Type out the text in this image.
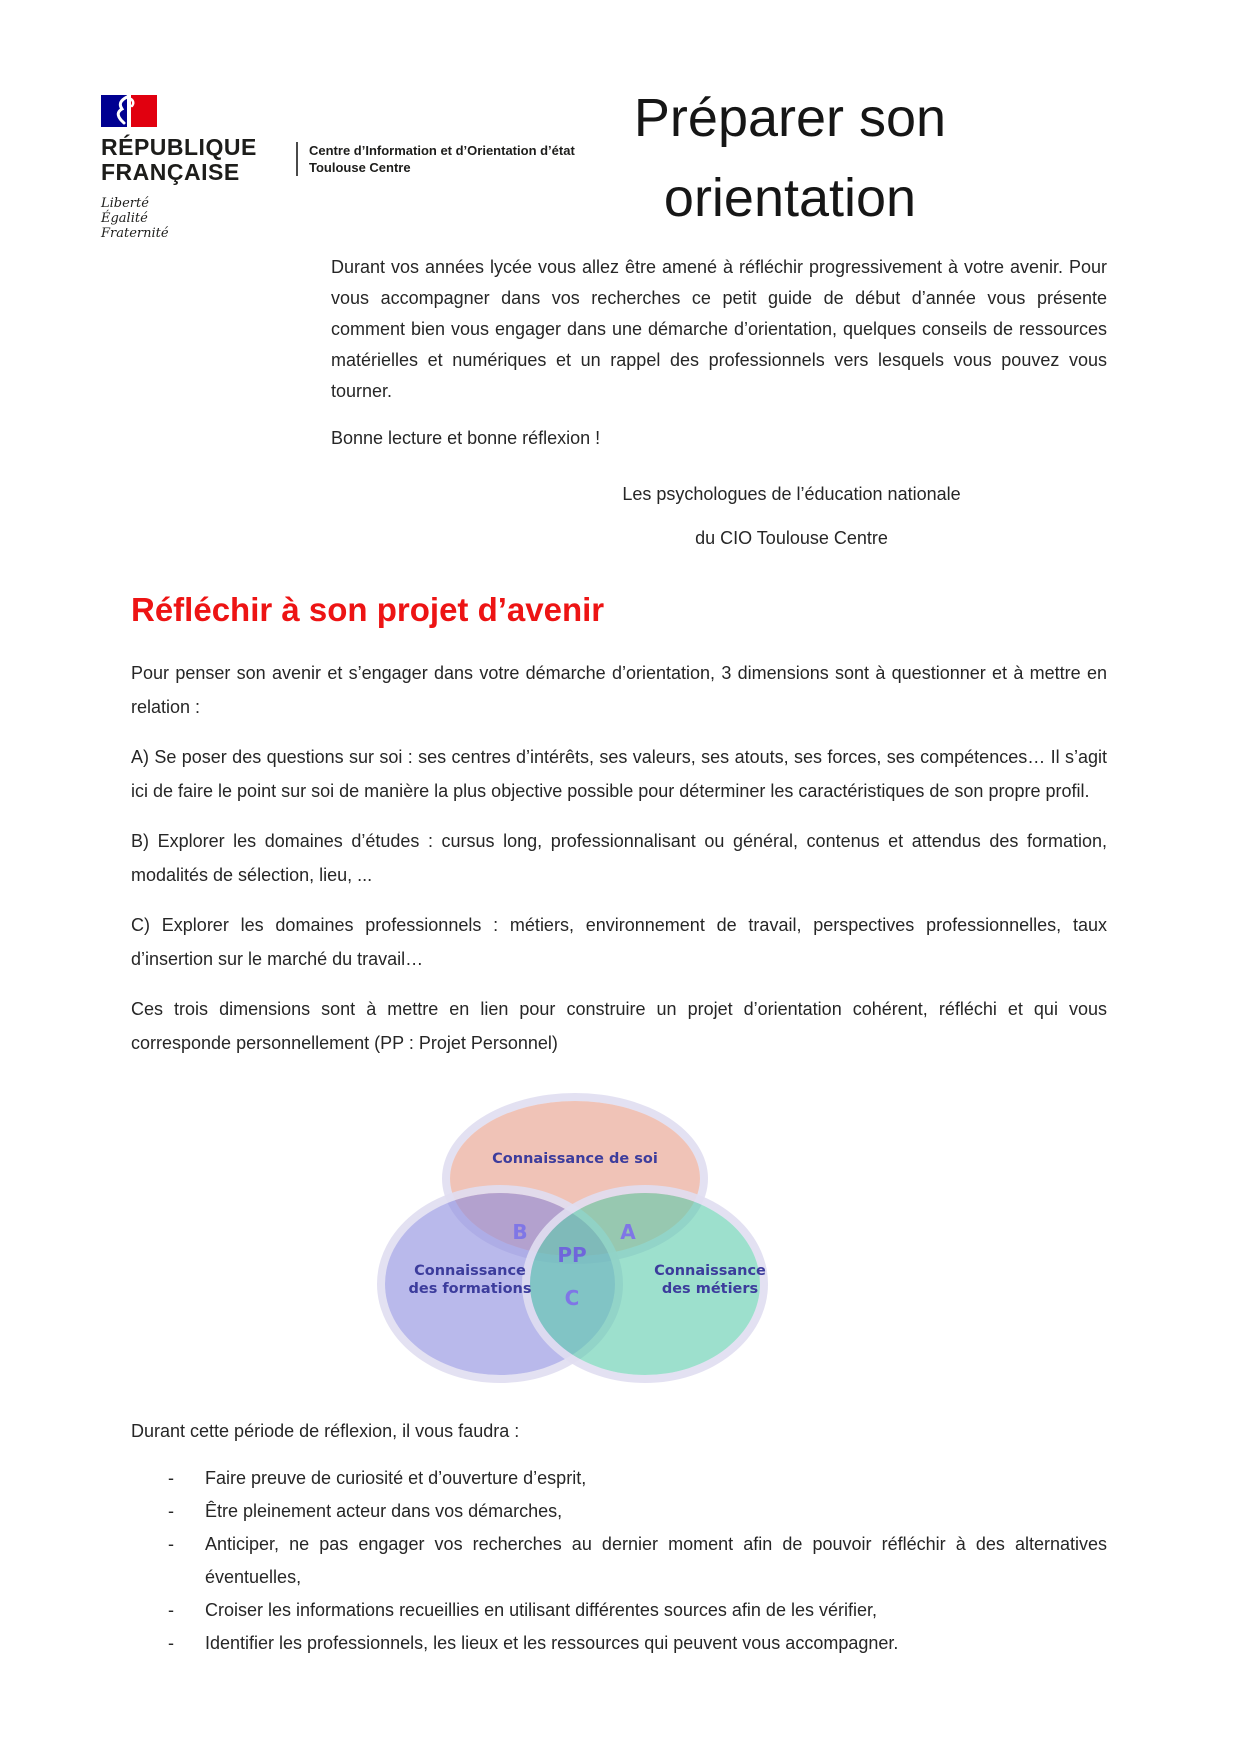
RÉPUBLIQUE
FRANÇAISE
Liberté
Égalité
Fraternité
Centre d’Information et d’Orientation d’état
Toulouse Centre
Préparer son
orientation

Durant vos années lycée vous allez être amené à réfléchir progressivement à votre avenir. Pour vous accompagner dans vos recherches ce petit guide de début d’année vous présente comment bien vous engager dans une démarche d’orientation, quelques conseils de ressources matérielles et numériques et un rappel des professionnels vers lesquels vous pouvez vous tourner.

Bonne lecture et bonne réflexion !

Les psychologues de l’éducation nationale
du CIO Toulouse Centre
Réfléchir à son projet d’avenir

Pour penser son avenir et s’engager dans votre démarche d’orientation, 3 dimensions sont à questionner et à mettre en relation :

A) Se poser des questions sur soi : ses centres d’intérêts, ses valeurs, ses atouts, ses forces, ses compétences… Il s’agit ici de faire le point sur soi de manière la plus objective possible pour déterminer les caractéristiques de son propre profil.

B) Explorer les domaines d’études : cursus long, professionnalisant ou général, contenus et attendus des formation, modalités de sélection, lieu, ...

C) Explorer les domaines professionnels : métiers, environnement de travail, perspectives professionnelles, taux d’insertion sur le marché du travail…

Ces trois dimensions sont à mettre en lien pour construire un projet d’orientation cohérent, réfléchi et qui vous corresponde personnellement (PP : Projet Personnel)

Connaissance de soi
Connaissance des formations
Connaissance des métiers
B	A
PP
C

Durant cette période de réflexion, il vous faudra :

-	Faire preuve de curiosité et d’ouverture d’esprit,
-	Être pleinement acteur dans vos démarches,
-	Anticiper, ne pas engager vos recherches au dernier moment afin de pouvoir réfléchir à des alternatives éventuelles,
-	Croiser les informations recueillies en utilisant différentes sources afin de les vérifier,
-	Identifier les professionnels, les lieux et les ressources qui peuvent vous accompagner.
